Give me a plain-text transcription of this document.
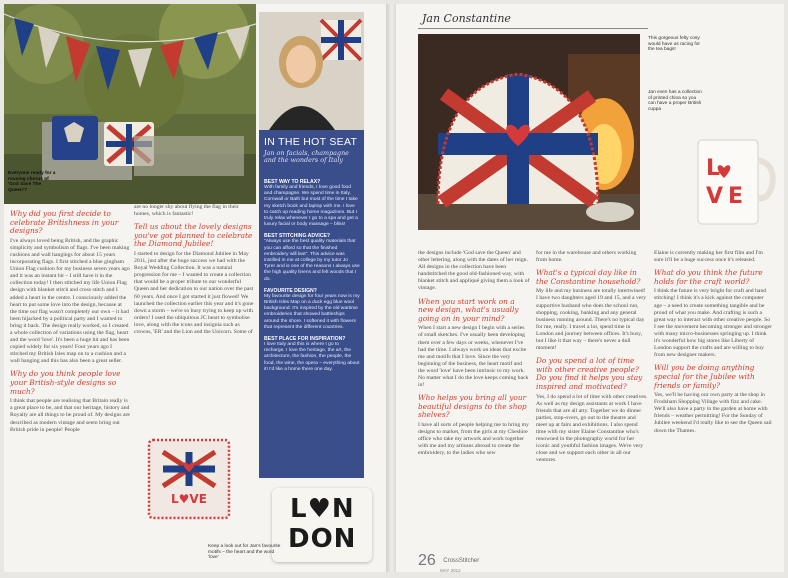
Everyone ready for a rousing chorus of 'God Save The Queen'?
Why did you first decide to celebrate Britishness in your designs?
I've always loved being British, and the graphic simplicity and symbolism of flags. I've been making cushions and wall hangings for about 15 years incorporating flags. I first stitched a blue gingham Union Flag cushion for my business seven years ago and it was an instant hit – I still have it in the collection today! I then stitched my life Union Flag design with blanket stitch and cross stitch and I added a heart in the centre. I consciously added the heart to put some love into the design, because at the time our flag wasn't completely our own – it had been hijacked by a political party and I wanted to bring it back. The design really worked, so I created a whole collection of variations using the flag, heart and the word 'love'. It's been a huge hit and has been copied widely for six years! Four years ago I stitched my British Isles map on to a cushion and a wall hanging and this has also been a great seller.
Why do you think people love your British-style designs so much?
I think that people are realising that Britain really is a great place to be, and that our heritage, history and Royalty are all things to be proud of. My designs are described as modern vintage and seem bring out British pride in people! People
are no longer shy about flying the flag in their homes, which is fantastic!
Tell us about the lovely designs you've got planned to celebrate the Diamond Jubilee!
I started to design for the Diamond Jubilee in May 2011, just after the huge success we had with the Royal Wedding Collection. It was a natural progression for me – I wanted to create a collection that would be a proper tribute to our wonderful Queen and her dedication to our nation over the past 60 years. And once I got started it just flowed! We launched the collection earlier this year and it's gone down a storm – we're so busy trying to keep up with orders! I used the ubiquitous JC heart to symbolise love, along with the icons and insignia such as crowns, 'ER' and the Lion and the Unicorn. Some of
L♥VE	L♥N
DON
Keep a look out for Jan's favourite motifs – the heart and the word 'love'
IN THE HOT SEAT
Jan on facials, champagne and the wonders of Italy
BEST WAY TO RELAX?
With family and friends, I love good food and champagne. We spend time in Italy, Cornwall or Bath but most of the time I take my sketch book and laptop with me. I love to catch up reading home magazines. But I truly relax whenever I go to a spa and get a luxury facial or body massage – bliss!
BEST STITCHING ADVICE?
"Always use the best quality materials that you can afford so that the finished embroidery will last". This advice was instilled in me at college by my tutor Jo Tyrer and is one of the reasons I always use the high quality linens and felt woods that I do.
FAVOURITE DESIGN?
My favourite design for four years now is my British Isles Map on a duck egg blue wool background. It's inspired by the old wartime embroideries that showed battleships around the shore. I softened it with flowers that represent the different countries.
BEST PLACE FOR INSPIRATION?
I love Italy and this is where I go to recharge. I love the heritage, the art, the architecture, the fashion, the people, the food, the wine, the opera – everything about it! I'd like a home there one day.
Jan Constantine
L
V E
This gorgeous felty cosy would have us racing for the tea bags!
Jan even has a collection of printed china so you can have a proper British cuppa
the designs include 'God save the Queen' and other lettering, along with the dates of her reign. All designs in the collection have been handstitched the good old-fashioned way, with blanket stitch and appliqué giving them a look of vintage.
When you start work on a new design, what's usually going on in your mind?
When I start a new design I begin with a series of small sketches. I've usually been developing them over a few days or weeks, whenever I've had the time. I always work on ideas that excite me and motifs that I love. Since the very beginning of the business, the heart motif and the word 'love' have been intrinsic to my work. No matter what I do the love keeps coming back in!
Who helps you bring all your beautiful designs to the shop shelves?
I have all sorts of people helping me to bring my designs to market, from the girls at my Cheshire office who take my artwork and work together with me and my artisans abroad to create the embroidery, to the ladies who sew
for me in the warehouse and others working from home.
What's a typical day like in the Constantine household?
My life and my business are totally intertwined! I have two daughters aged 19 and 15, and a very supportive husband who does the school run, shopping, cooking, banking and any general business running around. There's no typical day for me, really. I travel a lot, spend time in London and journey between offices. It's busy, but I like it that way – there's never a dull moment!
Do you spend a lot of time with other creative people? Do you find it helps you stay inspired and motivated?
Yes, I do spend a lot of time with other creatives. As well as my design assistants at work I have friends that are all arty. Together we do dinner parties, stop-overs, go out to the theatre and meet up at fairs and exhibitions. I also spend time with my sister Elaine Constantine who's renowned in the photography world for her iconic and youthful fashion images. We're very close and we support each other in all our ventures.
Elaine is currently making her first film and I'm sure it'll be a huge success once it's released.
What do you think the future holds for the craft world?
I think the future is very bright for craft and hand stitching! I think it's a kick against the computer age – a need to create something tangible and be proud of what you make. And crafting is such a great way to interact with other creative people. So I see the movement becoming stronger and stronger with many micro-businesses springing up. I think it's wonderful how big stores like Liberty of London support the crafts and are willing to buy from new designer makers.
Will you be doing anything special for the Jubilee with friends or family?
Yes, we'll be having our own party at the shop in Frodsham Shopping Village with fizz and cake. We'll also have a party in the garden at home with friends – weather permitting! For the Sunday of Jubilee weekend I'd really like to see the Queen sail down the Thames.
26 CrossStitcher
MAY 2012
